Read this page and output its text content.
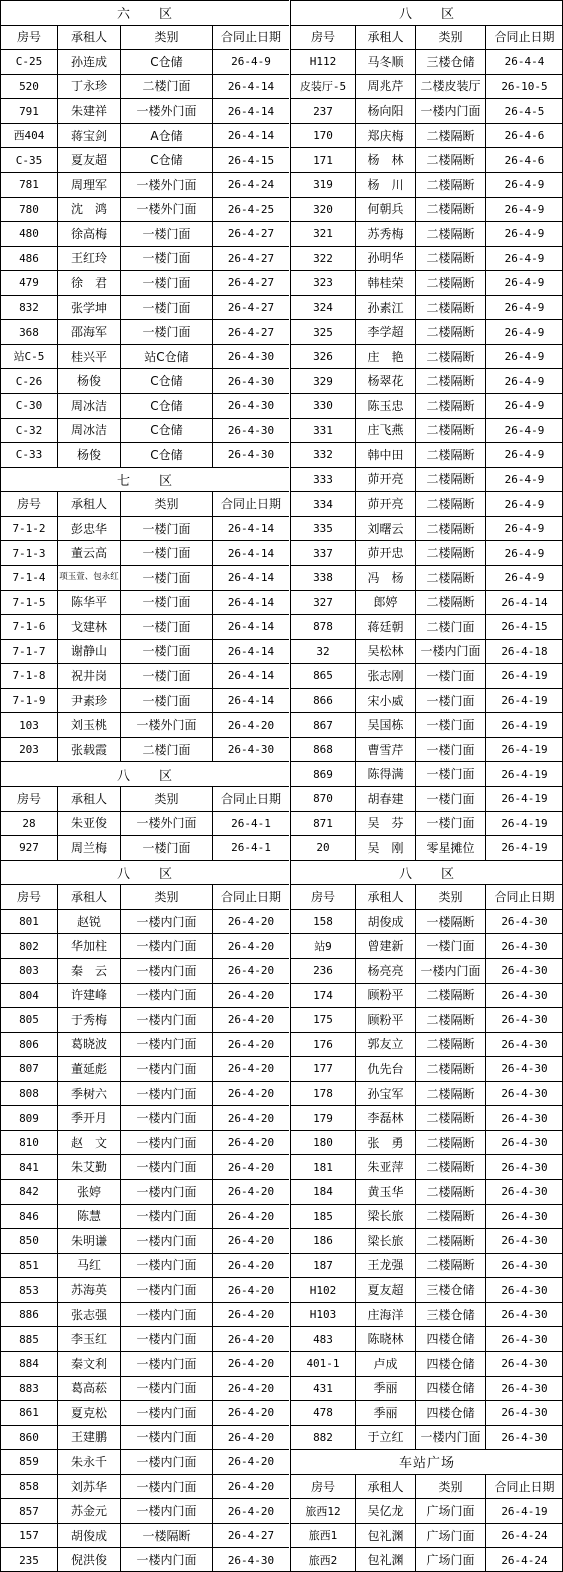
六　　区
房号	承租人	类别	合同止日期
C-25	孙连成	C仓储	26-4-9
520	丁永珍	二楼门面	26-4-14
791	朱建祥	一楼外门面	26-4-14
西404	蒋宝剑	A仓储	26-4-14
C-35	夏友超	C仓储	26-4-15
781	周理军	一楼外门面	26-4-24
780	沈　鸿	一楼外门面	26-4-25
480	徐高梅	一楼门面	26-4-27
486	王红玲	一楼门面	26-4-27
479	徐　君	一楼门面	26-4-27
832	张学坤	一楼门面	26-4-27
368	邵海军	一楼门面	26-4-27
站C-5	桂兴平	站C仓储	26-4-30
C-26	杨俊	C仓储	26-4-30
C-30	周冰洁	C仓储	26-4-30
C-32	周冰洁	C仓储	26-4-30
C-33	杨俊	C仓储	26-4-30
七　　区
房号	承租人	类别	合同止日期
7-1-2	彭忠华	一楼门面	26-4-14
7-1-3	董云高	一楼门面	26-4-14
7-1-4	项玉萱、包永红	一楼门面	26-4-14
7-1-5	陈华平	一楼门面	26-4-14
7-1-6	戈建林	一楼门面	26-4-14
7-1-7	谢静山	一楼门面	26-4-14
7-1-8	祝井岗	一楼门面	26-4-14
7-1-9	尹素珍	一楼门面	26-4-14
103	刘玉桃	一楼外门面	26-4-20
203	张载霞	二楼门面	26-4-30
八　　区
房号	承租人	类别	合同止日期
28	朱亚俊	一楼外门面	26-4-1
927	周兰梅	一楼门面	26-4-1
八　　区
房号	承租人	类别	合同止日期
801	赵锐	一楼内门面	26-4-20
802	华加柱	一楼内门面	26-4-20
803	秦　云	一楼内门面	26-4-20
804	许建峰	一楼内门面	26-4-20
805	于秀梅	一楼内门面	26-4-20
806	葛晓波	一楼内门面	26-4-20
807	董延彪	一楼内门面	26-4-20
808	季树六	一楼内门面	26-4-20
809	季开月	一楼内门面	26-4-20
810	赵　文	一楼内门面	26-4-20
841	朱艾勤	一楼内门面	26-4-20
842	张婷	一楼内门面	26-4-20
846	陈慧	一楼内门面	26-4-20
850	朱明谦	一楼内门面	26-4-20
851	马红	一楼内门面	26-4-20
853	苏海英	一楼内门面	26-4-20
886	张志强	一楼内门面	26-4-20
885	李玉红	一楼内门面	26-4-20
884	秦文利	一楼内门面	26-4-20
883	葛高菘	一楼内门面	26-4-20
861	夏克松	一楼内门面	26-4-20
860	王建鹏	一楼内门面	26-4-20
859	朱永千	一楼内门面	26-4-20
858	刘苏华	一楼内门面	26-4-20
857	苏金元	一楼内门面	26-4-20
157	胡俊成	一楼隔断	26-4-27
235	倪洪俊	一楼内门面	26-4-30
八　　区
房号	承租人	类别	合同止日期
H112	马冬顺	三楼仓储	26-4-4
皮装厅-5	周兆芹	二楼皮装厅	26-10-5
237	杨向阳	一楼内门面	26-4-5
170	郑庆梅	二楼隔断	26-4-6
171	杨　林	二楼隔断	26-4-6
319	杨　川	二楼隔断	26-4-9
320	何朝兵	二楼隔断	26-4-9
321	苏秀梅	二楼隔断	26-4-9
322	孙明华	二楼隔断	26-4-9
323	韩桂荣	二楼隔断	26-4-9
324	孙素江	二楼隔断	26-4-9
325	李学超	二楼隔断	26-4-9
326	庄　艳	二楼隔断	26-4-9
329	杨翠花	二楼隔断	26-4-9
330	陈玉忠	二楼隔断	26-4-9
331	庄飞燕	二楼隔断	26-4-9
332	韩中田	二楼隔断	26-4-9
333	茆开亮	二楼隔断	26-4-9
334	茆开亮	二楼隔断	26-4-9
335	刘曙云	二楼隔断	26-4-9
337	茆开忠	二楼隔断	26-4-9
338	冯　杨	二楼隔断	26-4-9
327	郎婷	二楼隔断	26-4-14
878	蒋廷朝	二楼门面	26-4-15
32	吴松林	一楼内门面	26-4-18
865	张志刚	一楼门面	26-4-19
866	宋小威	一楼门面	26-4-19
867	吴国栋	一楼门面	26-4-19
868	曹雪芹	一楼门面	26-4-19
869	陈得满	一楼门面	26-4-19
870	胡春建	一楼门面	26-4-19
871	吴　芬	一楼门面	26-4-19
20	吴　刚	零星摊位	26-4-19
八　　区
房号	承租人	类别	合同止日期
158	胡俊成	一楼隔断	26-4-30
站9	曾建新	一楼门面	26-4-30
236	杨亮亮	一楼内门面	26-4-30
174	顾粉平	二楼隔断	26-4-30
175	顾粉平	二楼隔断	26-4-30
176	郭友立	二楼隔断	26-4-30
177	仇先台	二楼隔断	26-4-30
178	孙宝军	二楼隔断	26-4-30
179	李磊林	二楼隔断	26-4-30
180	张　勇	二楼隔断	26-4-30
181	朱亚萍	二楼隔断	26-4-30
184	黄玉华	二楼隔断	26-4-30
185	梁长旅	二楼隔断	26-4-30
186	梁长旅	二楼隔断	26-4-30
187	王龙强	二楼隔断	26-4-30
H102	夏友超	三楼仓储	26-4-30
H103	庄海洋	三楼仓储	26-4-30
483	陈晓林	四楼仓储	26-4-30
401-1	卢成	四楼仓储	26-4-30
431	季丽	四楼仓储	26-4-30
478	季丽	四楼仓储	26-4-30
882	于立红	一楼内门面	26-4-30
车站广场
房号	承租人	类别	合同止日期
旅西12	吴亿龙	广场门面	26-4-19
旅西1	包礼渊	广场门面	26-4-24
旅西2	包礼渊	广场门面	26-4-24
